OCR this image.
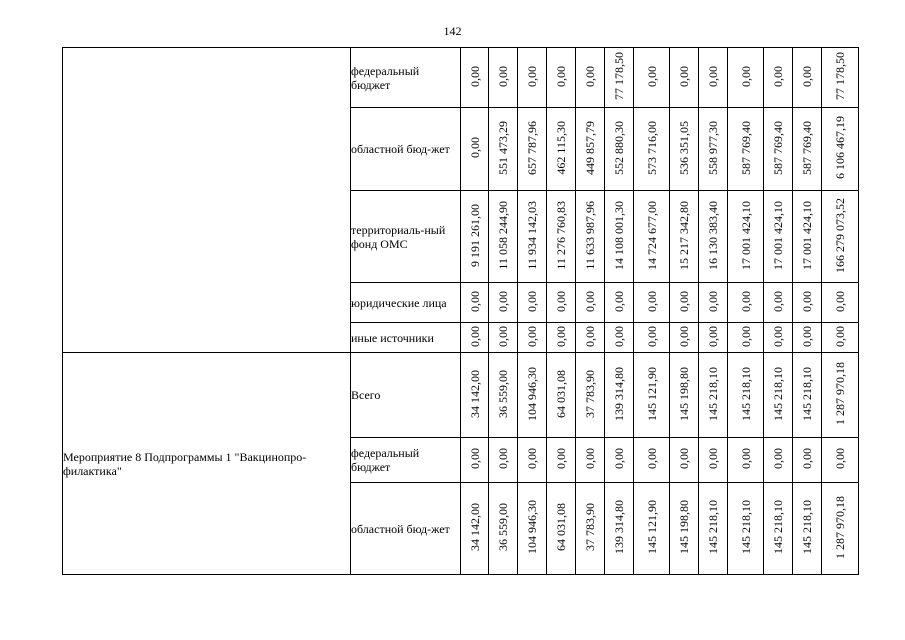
142
	федеральный бюджет	0,00	0,00	0,00	0,00	0,00	77 178,50	0,00	0,00	0,00	0,00	0,00	0,00	77 178,50
	областной бюд-жет	0,00	551 473,29	657 787,96	462 115,30	449 857,79	552 880,30	573 716,00	536 351,05	558 977,30	587 769,40	587 769,40	587 769,40	6 106 467,19
	территориаль-ный фонд ОМС	9 191 261,00	11 058 244,90	11 934 142,03	11 276 760,83	11 633 987,96	14 108 001,30	14 724 677,00	15 217 342,80	16 130 383,40	17 001 424,10	17 001 424,10	17 001 424,10	166 279 073,52
	юридические лица	0,00	0,00	0,00	0,00	0,00	0,00	0,00	0,00	0,00	0,00	0,00	0,00	0,00
	иные источники	0,00	0,00	0,00	0,00	0,00	0,00	0,00	0,00	0,00	0,00	0,00	0,00	0,00
Мероприятие 8 Подпрограммы 1 "Вакцинопро-филактика"	Всего	34 142,00	36 559,00	104 946,30	64 031,08	37 783,90	139 314,80	145 121,90	145 198,80	145 218,10	145 218,10	145 218,10	145 218,10	1 287 970,18
	федеральный бюджет	0,00	0,00	0,00	0,00	0,00	0,00	0,00	0,00	0,00	0,00	0,00	0,00	0,00
	областной бюд-жет	34 142,00	36 559,00	104 946,30	64 031,08	37 783,90	139 314,80	145 121,90	145 198,80	145 218,10	145 218,10	145 218,10	145 218,10	1 287 970,18
